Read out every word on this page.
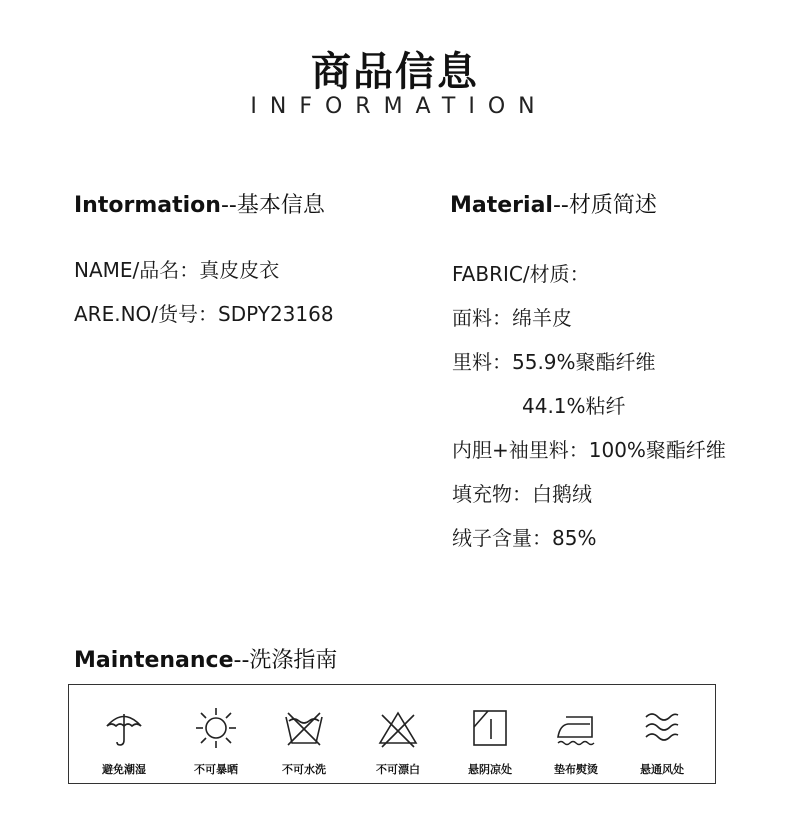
商品信息
INFORMATION
Intormation--基本信息
NAME/品名：真皮皮衣
ARE.NO/货号：SDPY23168
Material--材质简述
FABRIC/材质：
面料：绵羊皮
里料：55.9%聚酯纤维
44.1%粘纤
内胆+袖里料：100%聚酯纤维
填充物：白鹅绒
绒子含量：85%
Maintenance--洗涤指南
避免潮湿	不可暴晒	不可水洗	不可漂白	悬阴凉处	垫布熨烫	悬通风处
